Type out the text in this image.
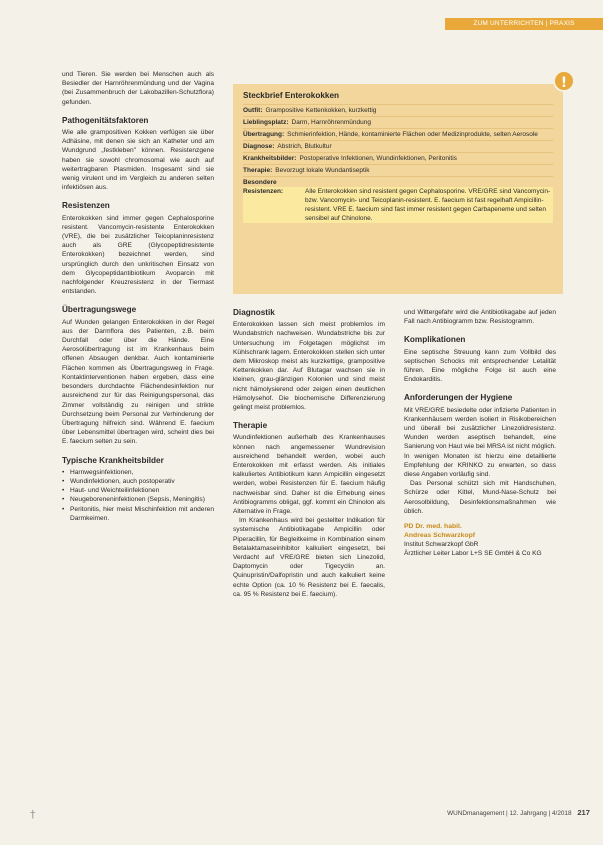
ZUM UNTERRICHTEN | PRAXIS

und Tieren. Sie werden bei Menschen auch als Besiedler der Harnröhrenmündung und der Vagina (bei Zusammenbruch der Lakobazillen-Schutzflora) gefunden.

Pathogenitätsfaktoren

Wie alle grampositiven Kokken verfügen sie über Adhäsine, mit denen sie sich an Katheter und am Wundgrund „festkleben" können. Resistenzgene haben sie sowohl chromosomal wie auch auf weitertragbaren Plasmiden. Insgesamt sind sie wenig virulent und im Vergleich zu anderen selten infektiösen aus.

Resistenzen

Enterokokken sind immer gegen Cephalosporine resistent. Vancomycin-resistente Enterokokken (VRE), die bei zusätzlicher Teicoplaninresistenz auch als GRE (Glycopeptidresistente Enterokokken) bezeichnet werden, sind ursprünglich durch den unkritischen Einsatz von dem Glycopeptidantibiotikum Avoparcin mit nachfolgender Kreuzresistenz in der Tiermast entstanden.

Übertragungswege

Auf Wunden gelangen Enterokokken in der Regel aus der Darmflora des Patienten, z.B. beim Durchfall oder über die Hände. Eine Aerosolübertragung ist im Krankenhaus beim offenen Absaugen denkbar. Auch kontaminierte Flächen kommen als Übertragungsweg in Frage. Kontaktinterventionen haben ergeben, dass eine besonders durchdachte Flächendesinfektion nur ausreichend zur für das Reinigungspersonal, das Zimmer vollständig zu reinigen und strikte Durchsetzung beim Personal zur Verhinderung der Übertragung hilfreich sind. Während E. faecium über Lebensmittel übertragen wird, scheint dies bei E. faecium selten zu sein.

Typische Krankheitsbilder
• Harnwegsinfektionen,
• Wundinfektionen, auch postoperativ
• Haut- und Weichteilinfektionen
• Neugeboreneninfektionen (Sepsis, Meningitis)
• Peritonitis, hier meist Mischinfektion mit anderen Darmkeimen.
Steckbrief Enterokokken
Outfit: Grampositive Kettenkokken, kurzkettig
Lieblingsplatz: Darm, Harnröhrenmündung
Übertragung: Schmierinfektion, Hände, kontaminierte Flächen oder Medizinprodukte, selten Aerosole
Diagnose: Abstrich, Blutkultur
Krankheitsbilder: Postoperative Infektionen, Wundinfektionen, Peritonitis
Therapie: Bevorzugt lokale Wundantiseptik
Besondere
Resistenzen:	Alle Enterokokken sind resistent gegen Cephalosporine. VRE/GRE sind Vancomycin- bzw. Vancomycin- und Teicoplanin-resistent. E. faecium ist fast regelhaft Ampicillin-resistent. VRE E. faecium sind fast immer resistent gegen Carbapeneme und selten sensibel auf Chinolone.
!
Diagnostik

Enterokokken lassen sich meist problemlos im Wundabstrich nachweisen. Wundabstriche bis zur Untersuchung im Folgetagen möglichst im Kühlschrank lagern. Enterokokken stellen sich unter dem Mikroskop meist als kurzkettige, grampositive Kettenkokken dar. Auf Blutagar wachsen sie in kleinen, grau-glänzigen Kolonien und sind meist nicht hämolysierend oder zeigen einen deutlichen Hämolysehof. Die biochemische Differenzierung gelingt meist problemlos.

Therapie

Wundinfektionen außerhalb des Krankenhauses können nach angemessener Wundrevision ausreichend behandelt werden, wobei auch Enterokokken mit erfasst werden. Als initiales kalkuliertes Antibiotikum kann Ampicillin eingesetzt werden, wobei Resistenzen für E. faecium häufig nachweisbar sind. Daher ist die Erhebung eines Antibiogramms obligat, ggf. kommt ein Chinolon als Alternative in Frage.

Im Krankenhaus wird bei gestellter Indikation für systemische Antibiotikagabe Ampicillin oder Piperacillin, für Begleitkeime in Kombination einem Betalaktamaseinhibitor kalkuliert eingesetzt, bei Verdacht auf VRE/GRE bieten sich Linezolid, Daptomycin oder Tigecyclin an. Quinupristin/Dalfopristin und auch kalkuliert keine echte Option (ca. 10 % Resistenz bei E. faecalis, ca. 95 % Resistenz bei E. faecium).

und Wittergefahr wird die Antibiotikagabe auf jeden Fall nach Antibiogramm bzw. Resistogramm.

Komplikationen

Eine septische Streuung kann zum Vollbild des septischen Schocks mit entsprechender Letalität führen. Eine mögliche Folge ist auch eine Endokarditis.

Anforderungen der Hygiene

Mit VRE/GRE besiedelte oder infizierte Patienten in Krankenhäusern werden isoliert in Risikobereichen und überall bei zusätzlicher Linezolidresistenz. Wunden werden aseptisch behandelt, eine Sanierung von Haut wie bei MRSA ist nicht möglich. In wenigen Monaten ist hierzu eine detaillierte Empfehlung der KRINKO zu erwarten, so dass diese Angaben vorläufig sind.

Das Personal schützt sich mit Handschuhen, Schürze oder Kittel, Mund-Nase-Schutz bei Aerosolbildung, Desinfektionsmaßnahmen wie üblich.

PD Dr. med. habil.
Andreas Schwarzkopf
Institut Schwarzkopf GbR
Ärztlicher Leiter Labor L+S SE GmbH & Co KG
†	WUNDmanagement | 12. Jahrgang | 4/2018 217
